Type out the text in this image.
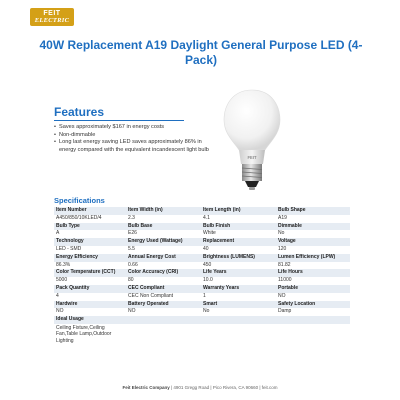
FEIT
ELECTRIC
40W Replacement A19 Daylight General Purpose LED (4-Pack)
Features
• Saves approximately $167 in energy costs
• Non-dimmable
• Long last energy saving LED saves approximately 86% in energy compared with the equivalent incandescent light bulb
FEIT
Specifications
Item Number	Item Width (in)	Item Length (in)	Bulb Shape
A450/850/10KLED/4	2.3	4.1	A19
Bulb Type	Bulb Base	Bulb Finish	Dimmable
A	E26	White	No
Technology	Energy Used (Wattage)	Replacement	Voltage
LED - SMD	5.5	40	120
Energy Efficiency	Annual Energy Cost	Brightness (LUMENS)	Lumen Efficiency (LPW)
86.3%	0.66	450	81.82
Color Temperature (CCT)	Color Accuracy (CRI)	Life Years	Life Hours
5000	80	10.0	11000
Pack Quantity	CEC Compliant	Warranty Years	Portable
4	CEC Non Compliant	1	NO
Hardwire	Battery Operated	Smart	Safety Location
NO	NO	No	Damp
Ideal Usage			
Ceiling Fixture,Ceiling Fan,Table Lamp,Outdoor Lighting			
Feit Electric Company | 4901 Gregg Road | Pico Rivera, CA 90660 | feit.com
